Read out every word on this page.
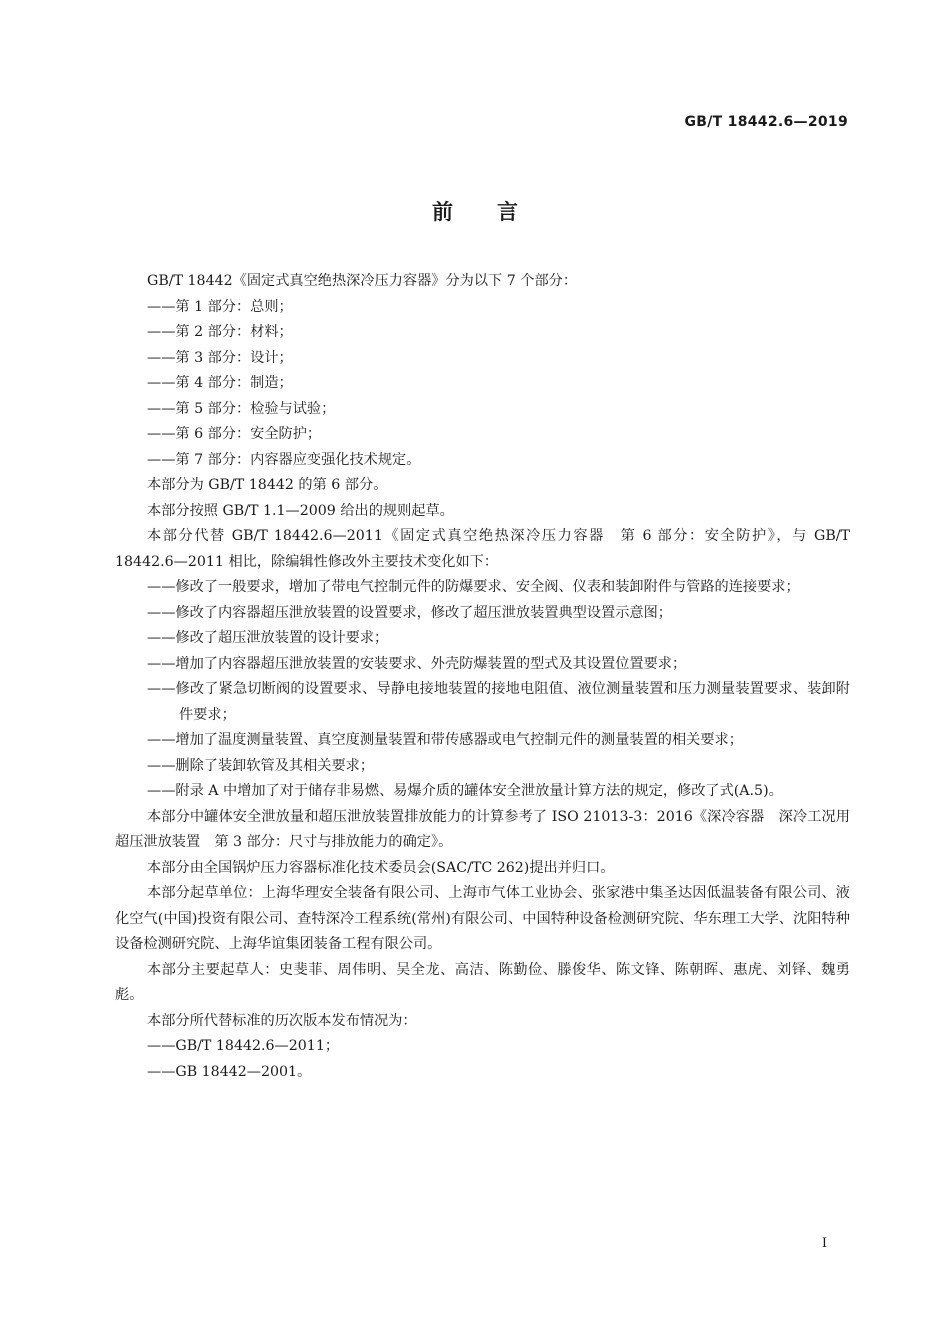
GB/T 18442.6—2019

前言

GB/T 18442《固定式真空绝热深冷压力容器》分为以下 7 个部分：

——第 1 部分：总则；

——第 2 部分：材料；

——第 3 部分：设计；

——第 4 部分：制造；

——第 5 部分：检验与试验；

——第 6 部分：安全防护；

——第 7 部分：内容器应变强化技术规定。

本部分为 GB/T 18442 的第 6 部分。

本部分按照 GB/T 1.1—2009 给出的规则起草。

本部分代替 GB/T 18442.6—2011《固定式真空绝热深冷压力容器　第 6 部分：安全防护》，与 GB/T 18442.6—2011 相比，除编辑性修改外主要技术变化如下：

——修改了一般要求，增加了带电气控制元件的防爆要求、安全阀、仪表和装卸附件与管路的连接要求；

——修改了内容器超压泄放装置的设置要求，修改了超压泄放装置典型设置示意图；

——修改了超压泄放装置的设计要求；

——增加了内容器超压泄放装置的安装要求、外壳防爆装置的型式及其设置位置要求；

——修改了紧急切断阀的设置要求、导静电接地装置的接地电阻值、液位测量装置和压力测量装置要求、装卸附件要求；

——增加了温度测量装置、真空度测量装置和带传感器或电气控制元件的测量装置的相关要求；

——删除了装卸软管及其相关要求；

——附录 A 中增加了对于储存非易燃、易爆介质的罐体安全泄放量计算方法的规定，修改了式(A.5)。

本部分中罐体安全泄放量和超压泄放装置排放能力的计算参考了 ISO 21013-3：2016《深冷容器　深冷工况用超压泄放装置　第 3 部分：尺寸与排放能力的确定》。

本部分由全国锅炉压力容器标准化技术委员会(SAC/TC 262)提出并归口。

本部分起草单位：上海华理安全装备有限公司、上海市气体工业协会、张家港中集圣达因低温装备有限公司、液化空气(中国)投资有限公司、查特深冷工程系统(常州)有限公司、中国特种设备检测研究院、华东理工大学、沈阳特种设备检测研究院、上海华谊集团装备工程有限公司。

本部分主要起草人：史斐菲、周伟明、吴全龙、高洁、陈勤俭、滕俊华、陈文锋、陈朝晖、惠虎、刘铎、魏勇彪。

本部分所代替标准的历次版本发布情况为：

——GB/T 18442.6—2011；

——GB 18442—2001。

I
